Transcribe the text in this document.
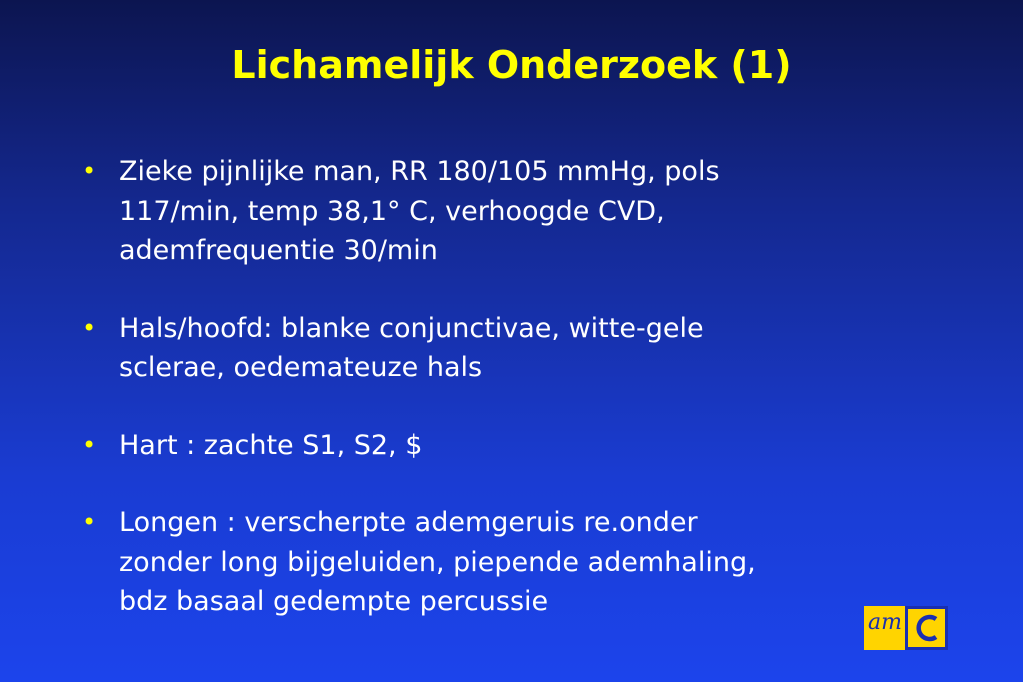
Lichamelijk Onderzoek (1)
• Zieke pijnlijke man, RR 180/105 mmHg, pols
117/min, temp 38,1° C, verhoogde CVD,
ademfrequentie 30/min
• Hals/hoofd: blanke conjunctivae, witte-gele
sclerae, oedemateuze hals
• Hart : zachte S1, S2, $
• Longen : verscherpte ademgeruis re.onder
zonder long bijgeluiden, piepende ademhaling,
bdz basaal gedempte percussie
am
